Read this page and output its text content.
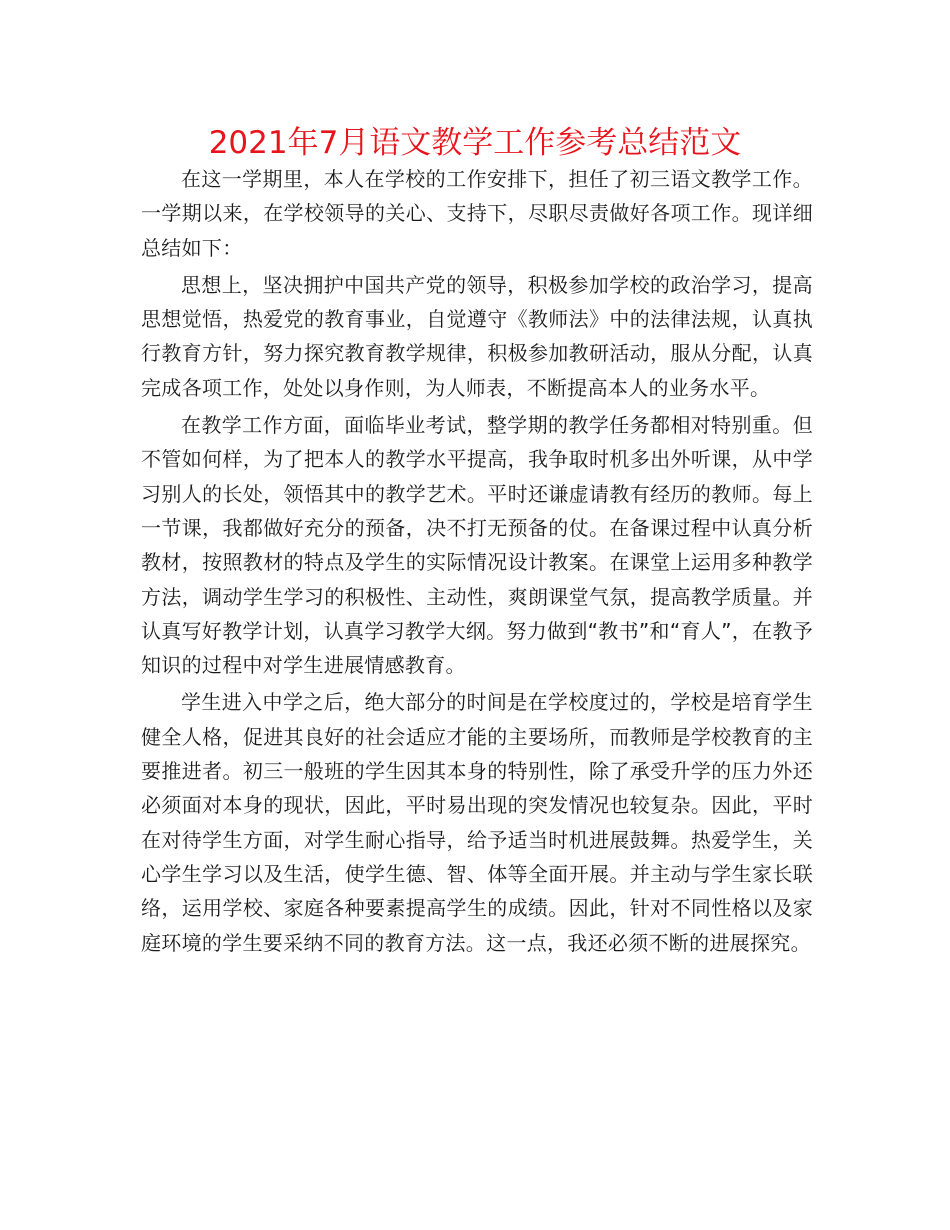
2021年7月语文教学工作参考总结范文

在这一学期里，本人在学校的工作安排下，担任了初三语文教学工作。一学期以来，在学校领导的关心、支持下，尽职尽责做好各项工作。现详细总结如下：

思想上，坚决拥护中国共产党的领导，积极参加学校的政治学习，提高思想觉悟，热爱党的教育事业，自觉遵守《教师法》中的法律法规，认真执行教育方针，努力探究教育教学规律，积极参加教研活动，服从分配，认真完成各项工作，处处以身作则，为人师表，不断提高本人的业务水平。

在教学工作方面，面临毕业考试，整学期的教学任务都相对特别重。但不管如何样，为了把本人的教学水平提高，我争取时机多出外听课，从中学习别人的长处，领悟其中的教学艺术。平时还谦虚请教有经历的教师。每上一节课，我都做好充分的预备，决不打无预备的仗。在备课过程中认真分析教材，按照教材的特点及学生的实际情况设计教案。在课堂上运用多种教学方法，调动学生学习的积极性、主动性，爽朗课堂气氛，提高教学质量。并认真写好教学计划，认真学习教学大纲。努力做到“教书”和“育人”，在教予知识的过程中对学生进展情感教育。

学生进入中学之后，绝大部分的时间是在学校度过的，学校是培育学生健全人格，促进其良好的社会适应才能的主要场所，而教师是学校教育的主要推进者。初三一般班的学生因其本身的特别性，除了承受升学的压力外还必须面对本身的现状，因此，平时易出现的突发情况也较复杂。因此，平时在对待学生方面，对学生耐心指导，给予适当时机进展鼓舞。热爱学生，关心学生学习以及生活，使学生德、智、体等全面开展。并主动与学生家长联络，运用学校、家庭各种要素提高学生的成绩。因此，针对不同性格以及家庭环境的学生要采纳不同的教育方法。这一点，我还必须不断的进展探究。
